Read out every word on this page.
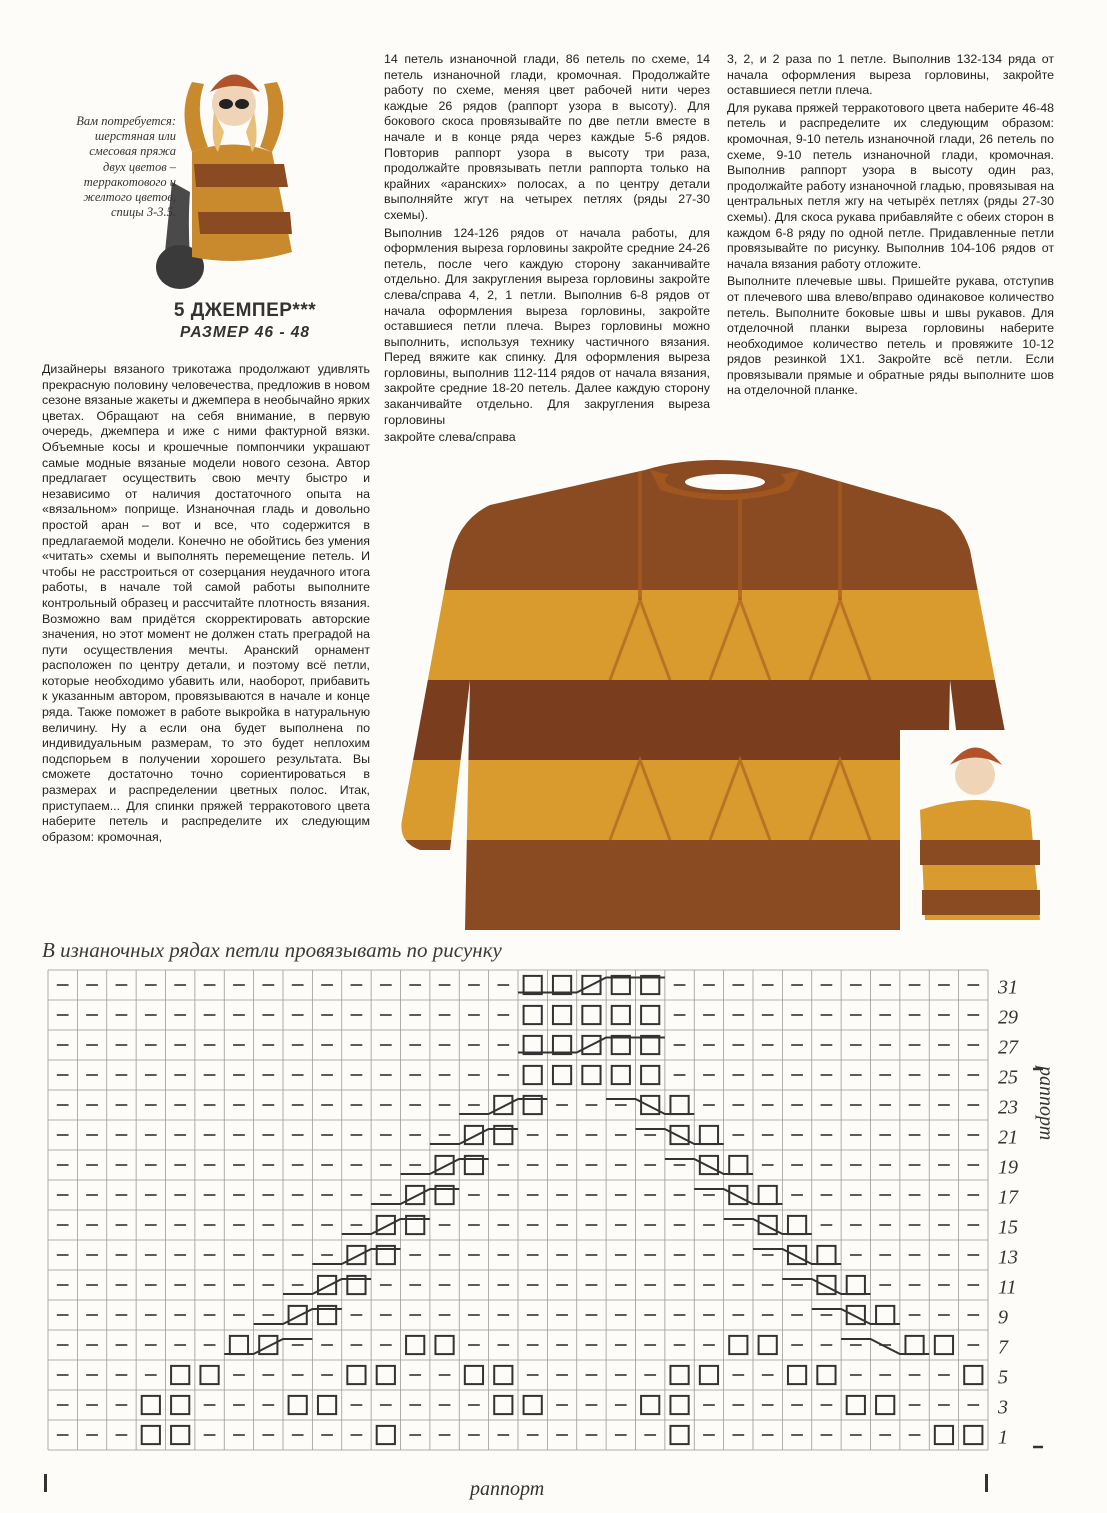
Вам потребуется:
шерстяная или
смесовая пряжа
двух цветов –
терракотового и
желтого цветов,
спицы 3-3.5.
5 ДЖЕМПЕР***
РАЗМЕР 46 - 48

Дизайнеры вязаного трикотажа продолжают удивлять прекрасную половину человечества, предложив в новом сезоне вязаные жакеты и джемпера в необычайно ярких цветах. Обращают на себя внимание, в первую очередь, джемпера и иже с ними фактурной вязки. Объемные косы и крошечные помпончики украшают самые модные вязаные модели нового сезона. Автор предлагает осуществить свою мечту быстро и независимо от наличия достаточного опыта на «вязальном» поприще. Изнаночная гладь и довольно простой аран – вот и все, что содержится в предлагаемой модели. Конечно не обойтись без умения «читать» схемы и выполнять перемещение петель. И чтобы не расстроиться от созерцания неудачного итога работы, в начале той самой работы выполните контрольный образец и рассчитайте плотность вязания. Возможно вам придётся скорректировать авторские значения, но этот момент не должен стать преградой на пути осуществления мечты. Аранский орнамент расположен по центру детали, и поэтому всё петли, которые необходимо убавить или, наоборот, прибавить к указанным автором, провязываются в начале и конце ряда. Также поможет в работе выкройка в натуральную величину. Ну а если она будет выполнена по индивидуальным размерам, то это будет неплохим подспорьем в получении хорошего результата. Вы сможете достаточно точно сориентироваться в размерах и распределении цветных полос. Итак, приступаем... Для спинки пряжей терракотового цвета наберите петель и распределите их следующим образом: кромочная,

14 петель изнаночной глади, 86 петель по схеме, 14 петель изнаночной глади, кромочная. Продолжайте работу по схеме, меняя цвет рабочей нити через каждые 26 рядов (раппорт узора в высоту). Для бокового скоса провязывайте по две петли вместе в начале и в конце ряда через каждые 5-6 рядов. Повторив раппорт узора в высоту три раза, продолжайте провязывать петли раппорта только на крайних «аранских» полосах, а по центру детали выполняйте жгут на четырех петлях (ряды 27-30 схемы).

Выполнив 124-126 рядов от начала работы, для оформления выреза горловины закройте средние 24-26 петель, после чего каждую сторону заканчивайте отдельно. Для закругления выреза горловины закройте слева/справа 4, 2, 1 петли. Выполнив 6-8 рядов от начала оформления выреза горловины, закройте оставшиеся петли плеча. Вырез горловины можно выполнить, используя технику частичного вязания. Перед вяжите как спинку. Для оформления выреза горловины, выполнив 112-114 рядов от начала вязания, закройте средние 18-20 петель. Далее каждую сторону заканчивайте отдельно. Для закругления выреза горловины

закройте слева/справа

3, 2, и 2 раза по 1 петле. Выполнив 132-134 ряда от начала оформления выреза горловины, закройте оставшиеся петли плеча.

Для рукава пряжей терракотового цвета наберите 46-48 петель и распределите их следующим образом: кромочная, 9-10 петель изнаночной глади, 26 петель по схеме, 9-10 петель изнаночной глади, кромочная. Выполнив раппорт узора в высоту один раз, продолжайте работу изнаночной гладью, провязывая на центральных петля жгу на четырёх петлях (ряды 27-30 схемы). Для скоса рукава прибавляйте с обеих сторон в каждом 6-8 ряду по одной петле. Придавленные петли провязывайте по рисунку. Выполнив 104-106 рядов от начала вязания работу отложите.

Выполните плечевые швы. Пришейте рукава, отступив от плечевого шва влево/вправо одинаковое количество петель. Выполните боковые швы и швы рукавов. Для отделочной планки выреза горловины наберите необходимое количество петель и провяжите 10-12 рядов резинкой 1Х1. Закройте всё петли. Если провязывали прямые и обратные ряды выполните шов на отделочной планке.

В изнаночных рядах петли провязывать по рисунку
31
29
27
25
23
21
19
17
15
13
11
9
7
5
3
1
раппорт
раппорт
